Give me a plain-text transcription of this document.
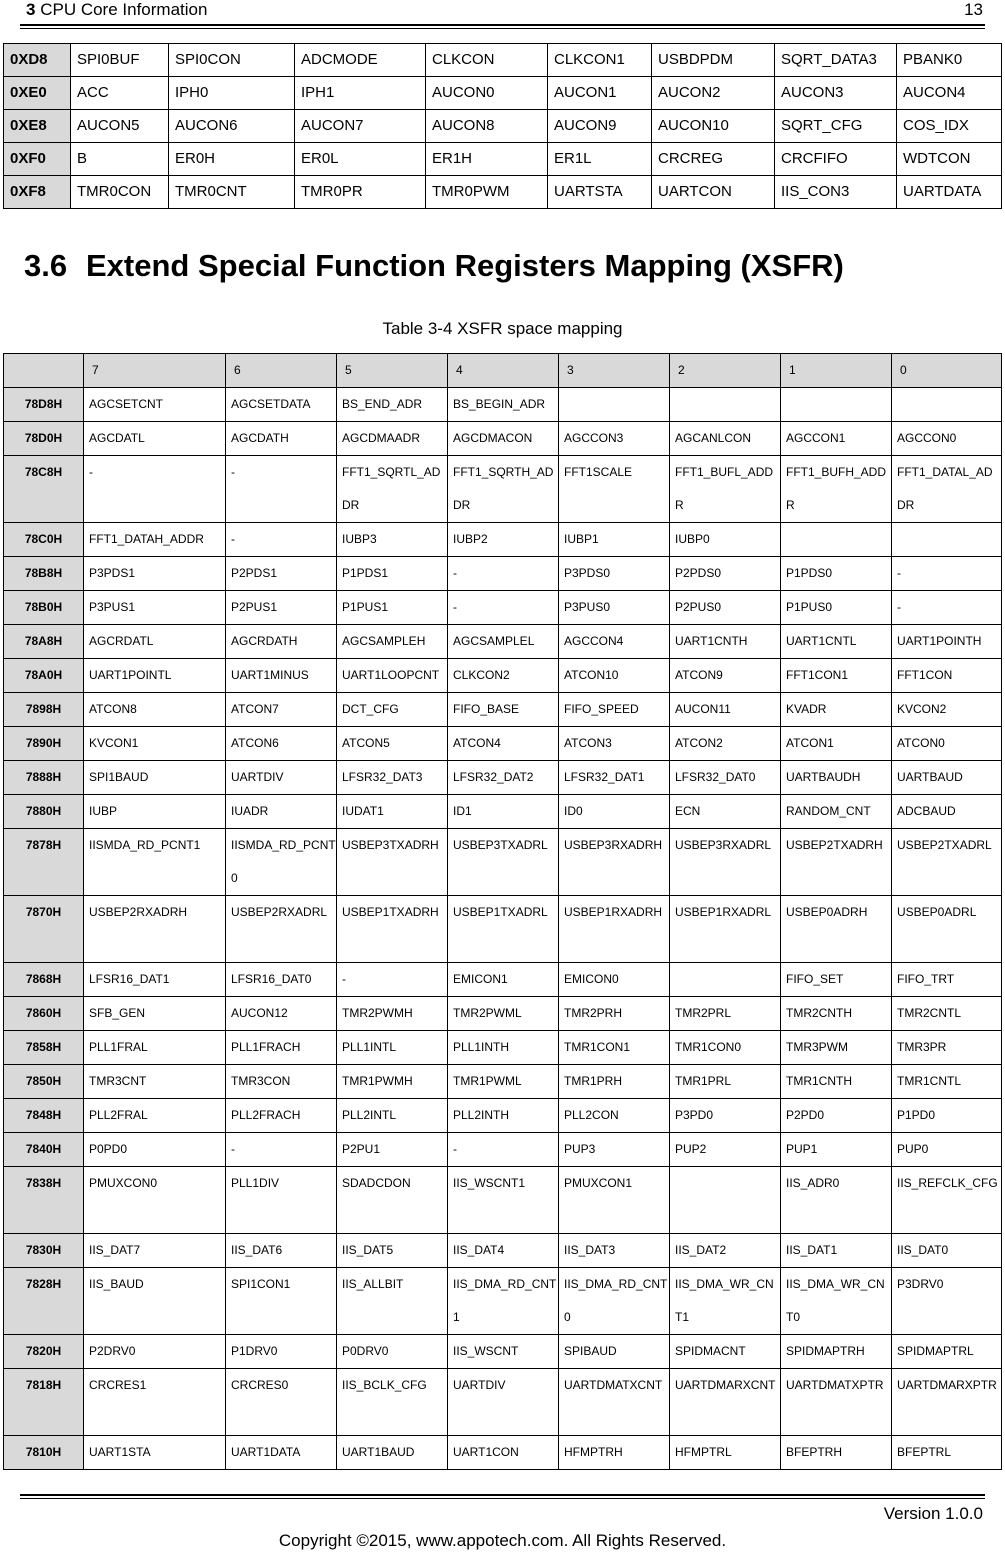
3 CPU Core Information	13
0XD8	SPI0BUF	SPI0CON	ADCMODE	CLKCON	CLKCON1	USBDPDM	SQRT_DATA3	PBANK0
0XE0	ACC	IPH0	IPH1	AUCON0	AUCON1	AUCON2	AUCON3	AUCON4
0XE8	AUCON5	AUCON6	AUCON7	AUCON8	AUCON9	AUCON10	SQRT_CFG	COS_IDX
0XF0	B	ER0H	ER0L	ER1H	ER1L	CRCREG	CRCFIFO	WDTCON
0XF8	TMR0CON	TMR0CNT	TMR0PR	TMR0PWM	UARTSTA	UARTCON	IIS_CON3	UARTDATA
3.6 Extend Special Function Registers Mapping (XSFR)
Table 3-4 XSFR space mapping
	7	6	5	4	3	2	1	0
78D8H	AGCSETCNT	AGCSETDATA	BS_END_ADR	BS_BEGIN_ADR				
78D0H	AGCDATL	AGCDATH	AGCDMAADR	AGCDMACON	AGCCON3	AGCANLCON	AGCCON1	AGCCON0
78C8H	-	-	FFT1_SQRTL_ADDR	FFT1_SQRTH_ADDR	FFT1SCALE	FFT1_BUFL_ADDR	FFT1_BUFH_ADDR	FFT1_DATAL_ADDR
78C0H	FFT1_DATAH_ADDR	-	IUBP3	IUBP2	IUBP1	IUBP0		
78B8H	P3PDS1	P2PDS1	P1PDS1	-	P3PDS0	P2PDS0	P1PDS0	-
78B0H	P3PUS1	P2PUS1	P1PUS1	-	P3PUS0	P2PUS0	P1PUS0	-
78A8H	AGCRDATL	AGCRDATH	AGCSAMPLEH	AGCSAMPLEL	AGCCON4	UART1CNTH	UART1CNTL	UART1POINTH
78A0H	UART1POINTL	UART1MINUS	UART1LOOPCNT	CLKCON2	ATCON10	ATCON9	FFT1CON1	FFT1CON
7898H	ATCON8	ATCON7	DCT_CFG	FIFO_BASE	FIFO_SPEED	AUCON11	KVADR	KVCON2
7890H	KVCON1	ATCON6	ATCON5	ATCON4	ATCON3	ATCON2	ATCON1	ATCON0
7888H	SPI1BAUD	UARTDIV	LFSR32_DAT3	LFSR32_DAT2	LFSR32_DAT1	LFSR32_DAT0	UARTBAUDH	UARTBAUD
7880H	IUBP	IUADR	IUDAT1	ID1	ID0	ECN	RANDOM_CNT	ADCBAUD
7878H	IISMDA_RD_PCNT1	IISMDA_RD_PCNT0	USBEP3TXADRH	USBEP3TXADRL	USBEP3RXADRH	USBEP3RXADRL	USBEP2TXADRH	USBEP2TXADRL
7870H	USBEP2RXADRH	USBEP2RXADRL	USBEP1TXADRH	USBEP1TXADRL	USBEP1RXADRH	USBEP1RXADRL	USBEP0ADRH	USBEP0ADRL
7868H	LFSR16_DAT1	LFSR16_DAT0	-	EMICON1	EMICON0		FIFO_SET	FIFO_TRT
7860H	SFB_GEN	AUCON12	TMR2PWMH	TMR2PWML	TMR2PRH	TMR2PRL	TMR2CNTH	TMR2CNTL
7858H	PLL1FRAL	PLL1FRACH	PLL1INTL	PLL1INTH	TMR1CON1	TMR1CON0	TMR3PWM	TMR3PR
7850H	TMR3CNT	TMR3CON	TMR1PWMH	TMR1PWML	TMR1PRH	TMR1PRL	TMR1CNTH	TMR1CNTL
7848H	PLL2FRAL	PLL2FRACH	PLL2INTL	PLL2INTH	PLL2CON	P3PD0	P2PD0	P1PD0
7840H	P0PD0	-	P2PU1	-	PUP3	PUP2	PUP1	PUP0
7838H	PMUXCON0	PLL1DIV	SDADCDON	IIS_WSCNT1	PMUXCON1		IIS_ADR0	IIS_REFCLK_CFG
7830H	IIS_DAT7	IIS_DAT6	IIS_DAT5	IIS_DAT4	IIS_DAT3	IIS_DAT2	IIS_DAT1	IIS_DAT0
7828H	IIS_BAUD	SPI1CON1	IIS_ALLBIT	IIS_DMA_RD_CNT1	IIS_DMA_RD_CNT0	IIS_DMA_WR_CNT1	IIS_DMA_WR_CNT0	P3DRV0
7820H	P2DRV0	P1DRV0	P0DRV0	IIS_WSCNT	SPIBAUD	SPIDMACNT	SPIDMAPTRH	SPIDMAPTRL
7818H	CRCRES1	CRCRES0	IIS_BCLK_CFG	UARTDIV	UARTDMATXCNT	UARTDMARXCNT	UARTDMATXPTR	UARTDMARXPTR
7810H	UART1STA	UART1DATA	UART1BAUD	UART1CON	HFMPTRH	HFMPTRL	BFEPTRH	BFEPTRL
Version 1.0.0
Copyright ©2015, www.appotech.com. All Rights Reserved.
